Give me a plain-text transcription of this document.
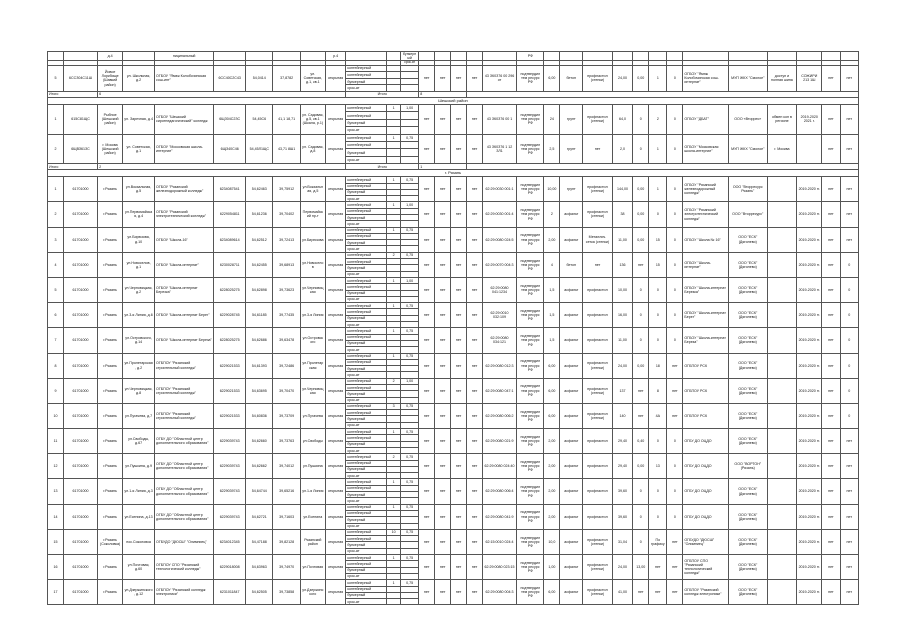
		д.4		ниципальный					p.4			бункерный						РФ													
												срок-ат																			
5	6ССЗ04С11Ш	Йовое Лоркбище (Шавкий район)	ул. Школьная, д.2	ОГБОУ "Ямэж Колобочинская сош-инт"	6СС40С2С43	54,0414	37,8782	ул. Советская, д.1, кв.1	открытая	контейнерный			нет	нет	нет	нет	43 ЗК0З76 00 296 от	подтвердил тем ресурс РФ	6,00	бетон	профнастил (стенки)	24,00	0,00	1	0	ОГБОУ "Ямэж Колобочинская сош-интернат"	МУП ЖКХ "Смолое"	доступ и полная шина	СОЖИРИ 213 1Ш	нет	нет
										контейнерный																					
										бункерный																					
										срок-ат																					
Итого		6								Итого			8																		
Шешский район																															
1	615С81ЩС	Рыбное (Шешский район)	ул. Заречная, д.4	ОГБОУ "Шешский сиротпедагогический" колледж	6ЩЗ04С2ЗС	54,45С6	41,1 18,71	ул. Садовая, д.5, кв.1 (Шкала, р.1)	открытая	контейнерный	1	1,00	нет	нет	нет	нет	43 ЗК0З76 00 1	подтвердил тем ресурс РФ	24	грунт	профнастил (стенки)	64,0	0	2	0	ОГБОУ "ДБАТ"	ООО «Вторрес»	обмен кон в регионе	2019-2020 2021 г.	нет	нет
										контейнерный																					
										бункерный																					
										срок-ат																					
2	6ЩВЗ61ЗС	г. Москва (Шешский район)	ул. Советская, д.1	ОГБОУ "Московская школа-интернат"	6ЩЗ40С46	54,45Л1ЩС	43,71 8Ш1	ул. Садовая, д.8	открытая	контейнерный	1	0,75	нет	нет	нет	нет	43 ЗК0З76 1 12 ЗЛ1	подтвердил тем ресурс РФ	2,5	грунт	нет	2,0	0	1	0	ОГБОУ "Московская школа-интернат"	МУП ЖКХ "Смолое"	г. Москва		нет	нет
										контейнерный																					
										бункерный																					
										срок-ат																					
Итого		2								Итого			1																		
г. Рязань																															
1	61701000	г.Рязань	ул.Вокзальная, д.5	ОГБОУ "Рязанский железнодорожный колледж"	6234087541	54,62463	39,75912	ул.Вокзальная, д.5	открытая	контейнерный	1	0,75	нет	нет	нет	нет	62:29:0030 001:1	подтвердил тем ресурс РФ	10,00	грунт	профнастил (стенки)	144,00	0,00	1	0	ОГБОУ "Рязанский железнодорожный колледж"	ООО "Вторресурс Рязань"		2019-2020 гг.	нет	нет
										контейнерный																					
										бункерный																					
										срок-ат																					
2	61701000	г.Рязань	ул.Первомайская, д.4	ОГБОУ "Рязанский электротехнический колледж"	6229054811	54,61236	39,70402	Первомайский пр-т	открытая	контейнерный	1	1,00	нет	нет	нет	нет	62:29:0030 001:4	подтвердил тем ресурс РФ	2	асфальт	профнастил (стенки)	38	0,00	0	0	ОГБОУ "Рязанский электротехнический колледж"	ООО "Вторресурс"		2019-2020 гг.	нет	нет
										контейнерный																					
										бункерный																					
										срок-ат																					
3	61701000	г.Рязань	ул.Бирюзова, д.10	ОГБОУ "Школа-16"	6234089614	54,62512	39,72413	ул.Бирюзова	открытая	контейнерный	1	0,75	нет	нет	нет	нет	62:29:0080 024:5	подтвердил тем ресурс РФ	2,00	асфальт	Металлич. сетка (стенки)	11,00	0,00	15	0	ОГБОУ "Школа № 16"	ООО "ЕСК" (Дягилево)		2019-2020 гг.	нет	нет
										контейнерный																					
										бункерный																					
										срок-ат																					
4	61701000	г.Рязань	ул.Новоселов, д.1	ОГБОУ "Школа-интернат"	6230028711	54,62455	39,68913	ул.Новоселов	открытая	контейнерный	2	0,75	нет	нет	нет	нет	62:29:0070 004:3	подтвердил тем ресурс РФ	4	бетон	нет	136	нет	15	0	ОГБОУ "Школа-интернат"	ООО "ЕСК" (Дягилево)		2019-2020 гг.	нет	0
										контейнерный																					
										бункерный																					
										срок-ат																					
5	61701000	г.Рязань	ул.Черновицкая, д.2	ОГБОУ "Школа-интернат Березка"	6228025275	54,62898	39,73623	ул.Черновицкая	открытая	контейнерный	1	1,00	нет	нет	нет	нет	62:29:0080 041:1234	подтвердил тем ресурс РФ	1,5	асфальт	профнастил	10,00	0	0	0	ОГБОУ "Школа-интернат Березка"	ООО "ЕСК" (Дягилево)		2019-2020 гг.	нет	0
										контейнерный																					
										бункерный																					
										срок-ат																					
6	61701000	г.Рязань	ул.3-я Линия, д.6	ОГБОУ "Школа-интернат Берег"	6229028745	54,61185	39,77435	ул.3-я Линия	открытая	контейнерный	1	0,75	нет	нет	нет	нет	62:29:0010 032:109	подтвердил тем ресурс РФ	1,5	асфальт	профнастил	16,00	0	0	0	ОГБОУ "Школа-интернат Берег"	ООО "ЕСК" (Дягилево)		2019-2020 гг.	нет	0
										контейнерный																					
										бункерный																					
										срок-ат																					
7	61701000	г.Рязань	ул.Островского, д.14	ОГБОУ "Школа-интернат Береза"	6228025275	54,62686	39,63478	ул.Островского	открытая	контейнерный	1	0,75	нет	нет	нет	нет	62:29:0080 034:121	подтвердил тем ресурс РФ	1,5	асфальт	профнастил	11,00	0	0	0	ОГБОУ "Школа-интернат Береза"	ООО "ЕСК" (Дягилево)		2019-2020 гг.	нет	0
										контейнерный																					
										бункерный																					
										срок-ат																					
8	61701000	г.Рязань	ул.Пролетарская, д.2	ОГБПОУ "Рязанский строительный колледж"	6229021533	54,61393	39,72486	ул.Пролетарская	открытая	контейнерный	1	0,75	нет	нет	нет	нет	62:29:0080 012:3	подтвердил тем ресурс РФ	6,00	асфальт	профнастил (стенки)	24,00	0,00	18	нет	ОГБПОУ РСК	ООО "ЕСК" (Дягилево)		2019-2020 гг.	нет	0
										контейнерный																					
										бункерный																					
										срок-ат																					
9	61701000	г.Рязань	ул.Черновицкая, д.8	ОГБПОУ "Рязанский строительный колледж"	6229021533	54,63695	39,70470	ул.Черновицкая	открытая	контейнерный	2	1,00	нет	нет	нет	нет	62:29:0080 047:1	подтвердил тем ресурс РФ	6,00	асфальт	профнастил (стенки)	137	нет	8	нет	ОГБПОУ РСК	ООО "ЕСК" (Дягилево)		2019-2020 гг.	нет	0
										контейнерный																					
										бункерный																					
										срок-ат																					
10	61701000	г.Рязань	ул.Пугачева, д.7	ОГБПОУ "Рязанский строительный колледж"	6229021533	54,60836	39,73709	ул.Пугачева	открытая	контейнерный	3	0,75	нет	нет	нет	нет	62:29:0080 006:2	подтвердил тем ресурс РФ	6,00	асфальт	профнастил (стенки)	140	нет	4А	нет	ОГБПОУ РСК	ООО "ЕСК" (Дягилево)		2019-2020 гг.	нет	0
										контейнерный																					
										бункерный																					
										срок-ат																					
11	61701000	г.Рязань	ул.Свободы, д.67	ОГБУ ДО "Областной центр дополнительного образования"	6229039743	54,62660	39,73763	ул.Свободы	открытая	контейнерный	1	0,75	нет	нет	нет	нет	62:29:0080 021:9	подтвердил тем ресурс РФ	2,00	асфальт	профнастил	29,40	0,40	0	0	ОГБУ ДО ОЦДО	ООО "ЕСК" (Дягилево)		2019-2020 гг.	нет	нет
										контейнерный																					
										бункерный																					
										срок-ат																					
12	61701000	г.Рязань	ул.Пушкина, д.9	ОГБУ ДО "Областной центр дополнительного образования"	6229039743	54,62662	39,74012	ул.Пушкина	открытая	контейнерный	2	0,75	нет	нет	нет	нет	62:29:0080 024:40	подтвердил тем ресурс РФ	2,00	асфальт	профнастил	29,40	0,00	13	0	ОГБУ ДО ОЦДО	ООО "ВОРТОН" (Рязань)		2019-2020 гг.	нет	нет
										контейнерный																					
										бункерный																					
										срок-ат																					
13	61701000	г.Рязань	ул.1-я Линия, д.3	ОГБУ ДО "Областной центр дополнительного образования"	6229039743	54,64744	39,65216	ул.1-я Линия	открытая	контейнерный	1	0,75	нет	нет	нет	нет	62:29:0080 006:4	подтвердил тем ресурс РФ	2,00	асфальт	профнастил	39,60	0	0	0	ОГБУ ДО ОЦДО	ООО "ЕСК" (Дягилево)		2019-2020 гг.	нет	нет
										контейнерный																					
										бункерный																					
										срок-ат																					
14	61701000	г.Рязань	ул.Есенина, д.13	ОГБУ ДО "Областной центр дополнительного образования"	6229039743	54,62721	39,71603	ул.Есенина	открытая	контейнерный	1	0,75	нет	нет	нет	нет	62:29:0080 041:9	подтвердил тем ресурс РФ	2,00	асфальт	профнастил	39,60	0	0	0	ОГБУ ДО ОЦДО	ООО "ЕСК" (Дягилево)		2019-2020 гг.	нет	нет
										контейнерный																					
										бункерный																					
										срок-ат																					
15	61701000	г.Рязань (Соколовка)	пос.Соколовка	ОГБУДО "ДЮСШ" "Олимпиец"	6234012345	54,47188	39,82128	Рязанский район	открытая	контейнерный	10	0,75	нет	нет	нет	нет	62:15:0010 024:4	подтвердил тем ресурс РФ	10,0	асфальт	профнастил (стенки)	31,04	0	По графику	нет	ОГБУДО "ДЮСШ" "Олимпиец"	ООО "ЕСК" (Дягилево)		2019-2020 гг.	нет	нет
										контейнерный																					
										бункерный																					
										срок-ат																					
16	61701000	г.Рязань	ул.Почтовая, д.60	ОГБПОУ СПО "Рязанский технологический колледж"	6229018008	54,63963	39,74970	ул.Почтовая	открытая	контейнерный	1	0,75	нет	нет	нет	нет	62:29:0080 023:15	подтвердил тем ресурс РФ	1,00	асфальт	профнастил (стенки)	24,00	13,00	нет	нет	ОГБПОУ СПО "Рязанский технологический колледж"	ООО "ЕСК" (Дягилево)		2019-2020 гг.	нет	нет
										контейнерный																					
										бункерный																					
										срок-ат																					
17	61701000	г.Рязань	ул.Дзержинского, д.12	ОГБПОУ "Рязанский колледж электроники"	6231011847	54,62505	39,73858	ул.Дзержинского	открытая	контейнерный	1	0,75	нет	нет	нет	нет	62:29:0080 004:3	подтвердил тем ресурс РФ	6,00	асфальт	профнастил (стенки)	41,00	нет	нет	нет	ОГБПОУ "Рязанский колледж электроники"	ООО "ЕСК" (Дягилево)		2019-2020 гг.	нет	нет
										контейнерный																					
										бункерный																					
										срок-ат																					
